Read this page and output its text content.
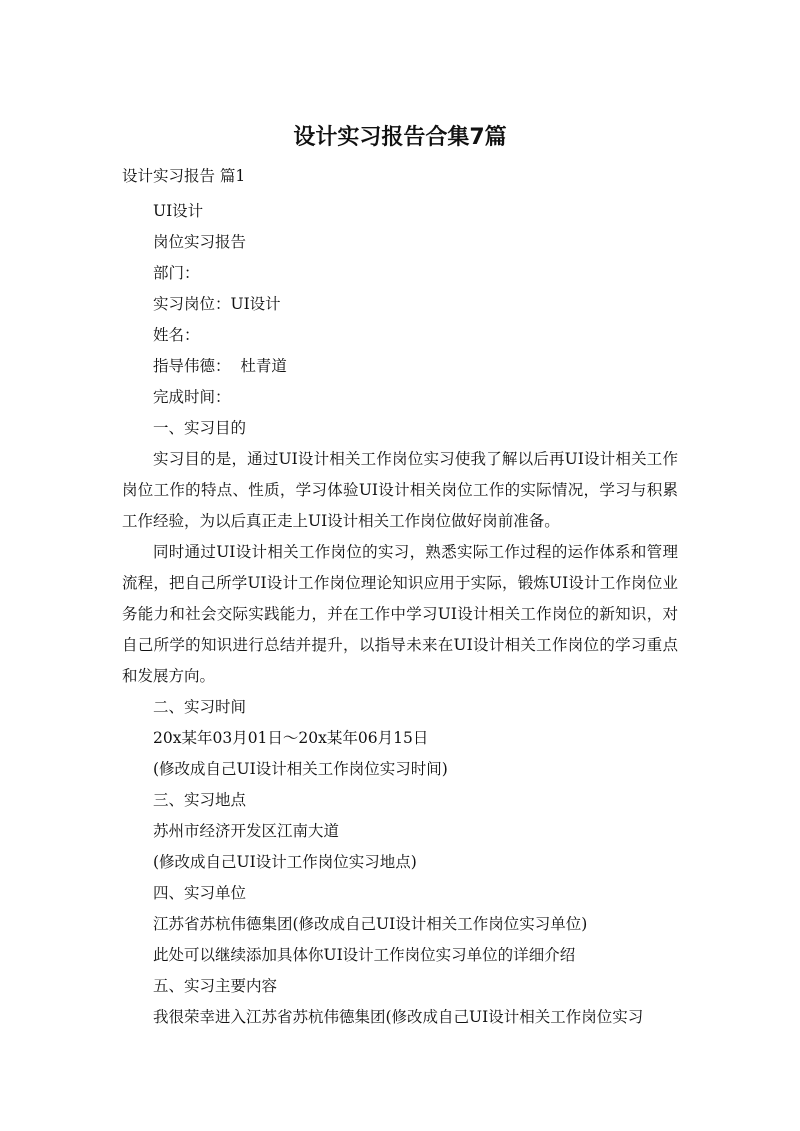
设计实习报告合集7篇
设计实习报告 篇1
UI设计
岗位实习报告
部门：
实习岗位：UI设计
姓名：
指导伟德：  杜青道
完成时间：
一、实习目的

实习目的是，通过UI设计相关工作岗位实习使我了解以后再UI设计相关工作岗位工作的特点、性质，学习体验UI设计相关岗位工作的实际情况，学习与积累工作经验，为以后真正走上UI设计相关工作岗位做好岗前准备。

同时通过UI设计相关工作岗位的实习，熟悉实际工作过程的运作体系和管理流程，把自己所学UI设计工作岗位理论知识应用于实际，锻炼UI设计工作岗位业务能力和社会交际实践能力，并在工作中学习UI设计相关工作岗位的新知识，对自己所学的知识进行总结并提升，以指导未来在UI设计相关工作岗位的学习重点和发展方向。

二、实习时间
20x某年03月01日～20x某年06月15日
(修改成自己UI设计相关工作岗位实习时间)
三、实习地点
苏州市经济开发区江南大道
(修改成自己UI设计工作岗位实习地点)
四、实习单位
江苏省苏杭伟德集团(修改成自己UI设计相关工作岗位实习单位)
此处可以继续添加具体你UI设计工作岗位实习单位的详细介绍
五、实习主要内容
我很荣幸进入江苏省苏杭伟德集团(修改成自己UI设计相关工作岗位实习
